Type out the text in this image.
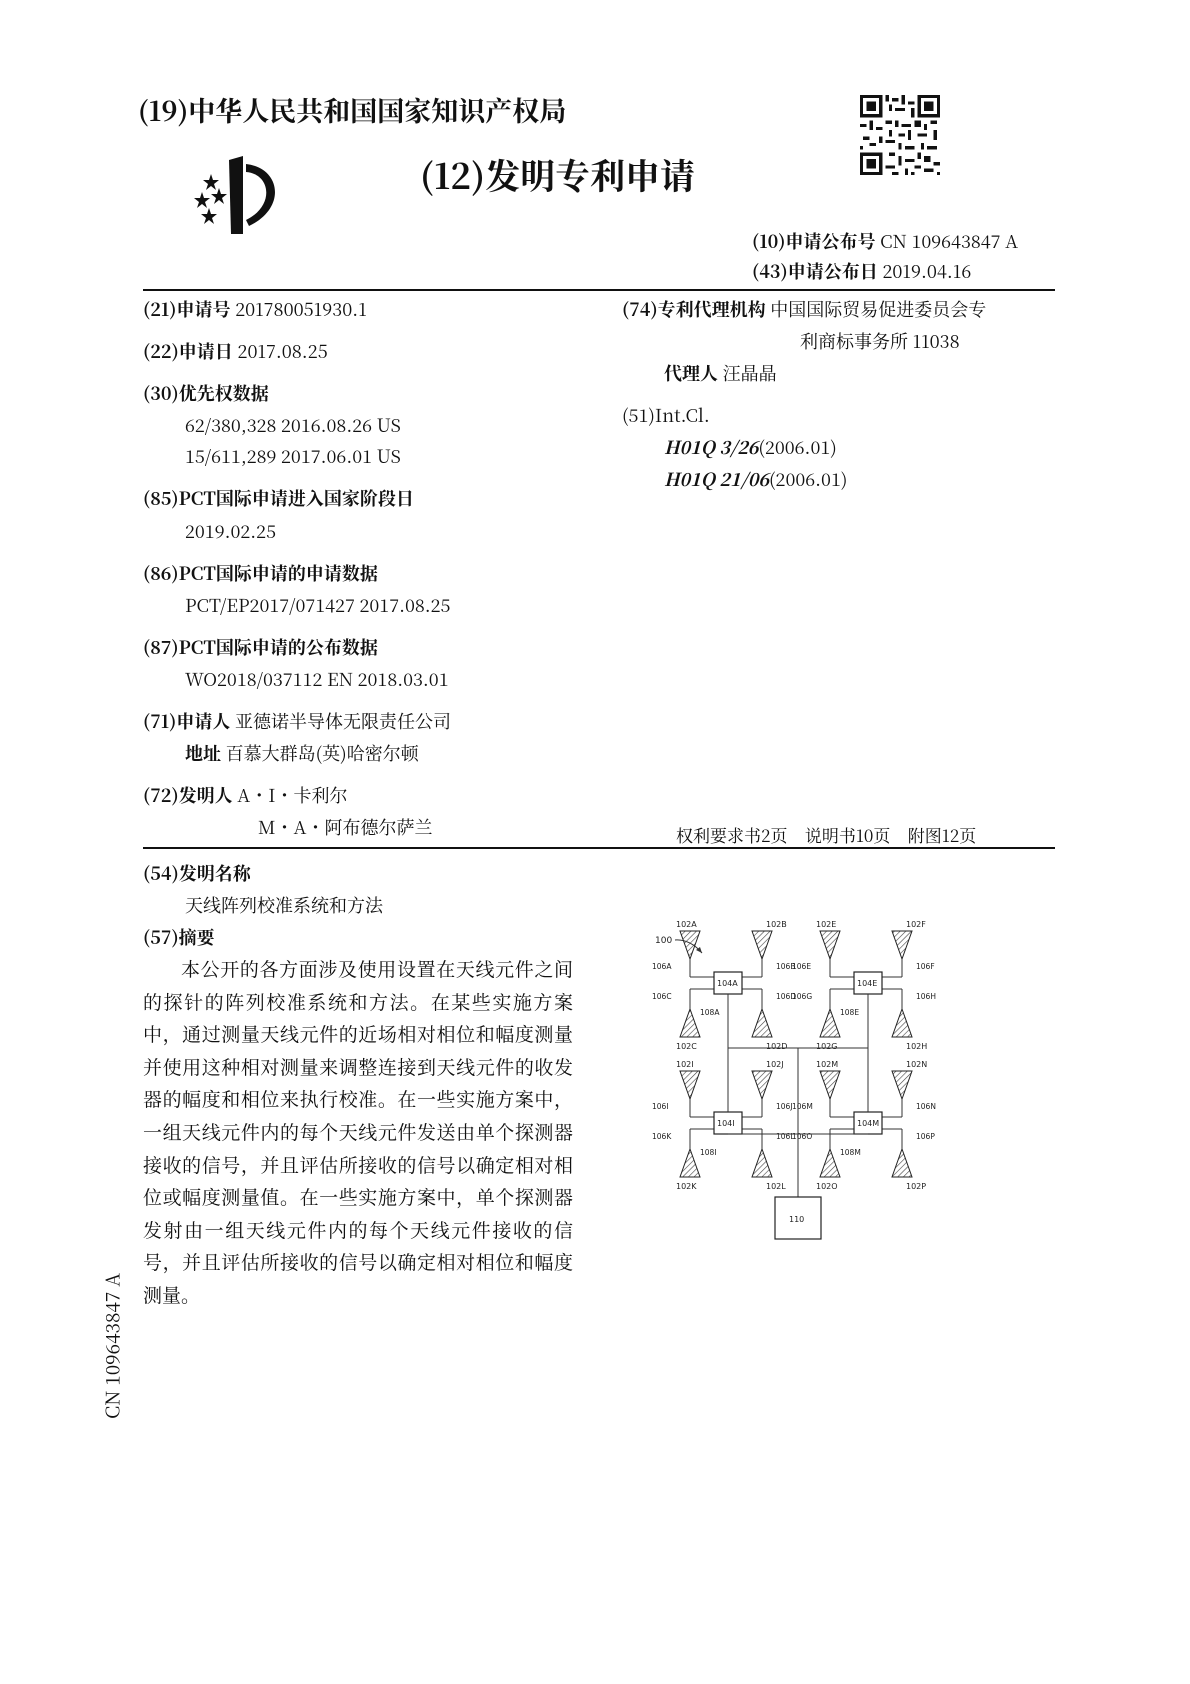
(19)中华人民共和国国家知识产权局
(12)发明专利申请
(10)申请公布号 CN 109643847 A
(43)申请公布日 2019.04.16
(21)申请号 201780051930.1
(22)申请日 2017.08.25
(30)优先权数据
62/380,328 2016.08.26 US
15/611,289 2017.06.01 US
(85)PCT国际申请进入国家阶段日
2019.02.25
(86)PCT国际申请的申请数据
PCT/EP2017/071427 2017.08.25
(87)PCT国际申请的公布数据
WO2018/037112 EN 2018.03.01
(71)申请人 亚德诺半导体无限责任公司
地址 百慕大群岛(英)哈密尔顿
(72)发明人 A・I・卡利尔
M・A・阿布德尔萨兰
(74)专利代理机构 中国国际贸易促进委员会专
利商标事务所 11038
代理人 汪晶晶
(51)Int.Cl.
H01Q 3/26(2006.01)
H01Q 21/06(2006.01)
权利要求书2页    说明书10页    附图12页
(54)发明名称
天线阵列校准系统和方法
(57)摘要
本公开的各方面涉及使用设置在天线元件之间的探针的阵列校准系统和方法。在某些实施方案中，通过测量天线元件的近场相对相位和幅度测量并使用这种相对测量来调整连接到天线元件的收发器的幅度和相位来执行校准。在一些实施方案中，一组天线元件内的每个天线元件发送由单个探测器接收的信号，并且评估所接收的信号以确定相对相位或幅度测量值。在一些实施方案中，单个探测器发射由一组天线元件内的每个天线元件接收的信号，并且评估所接收的信号以确定相对相位和幅度测量。
CN 109643847 A
100
102A
106A
102B
106B
102C
106C
102D
106D
104A
108A
102E
106E
102F
106F
102G
106G
102H
106H
104E
108E
102I
106I
102J
106J
102K
106K
102L
106L
104I
108I
102M
106M
102N
106N
102O
106O
102P
106P
104M
108M
110
